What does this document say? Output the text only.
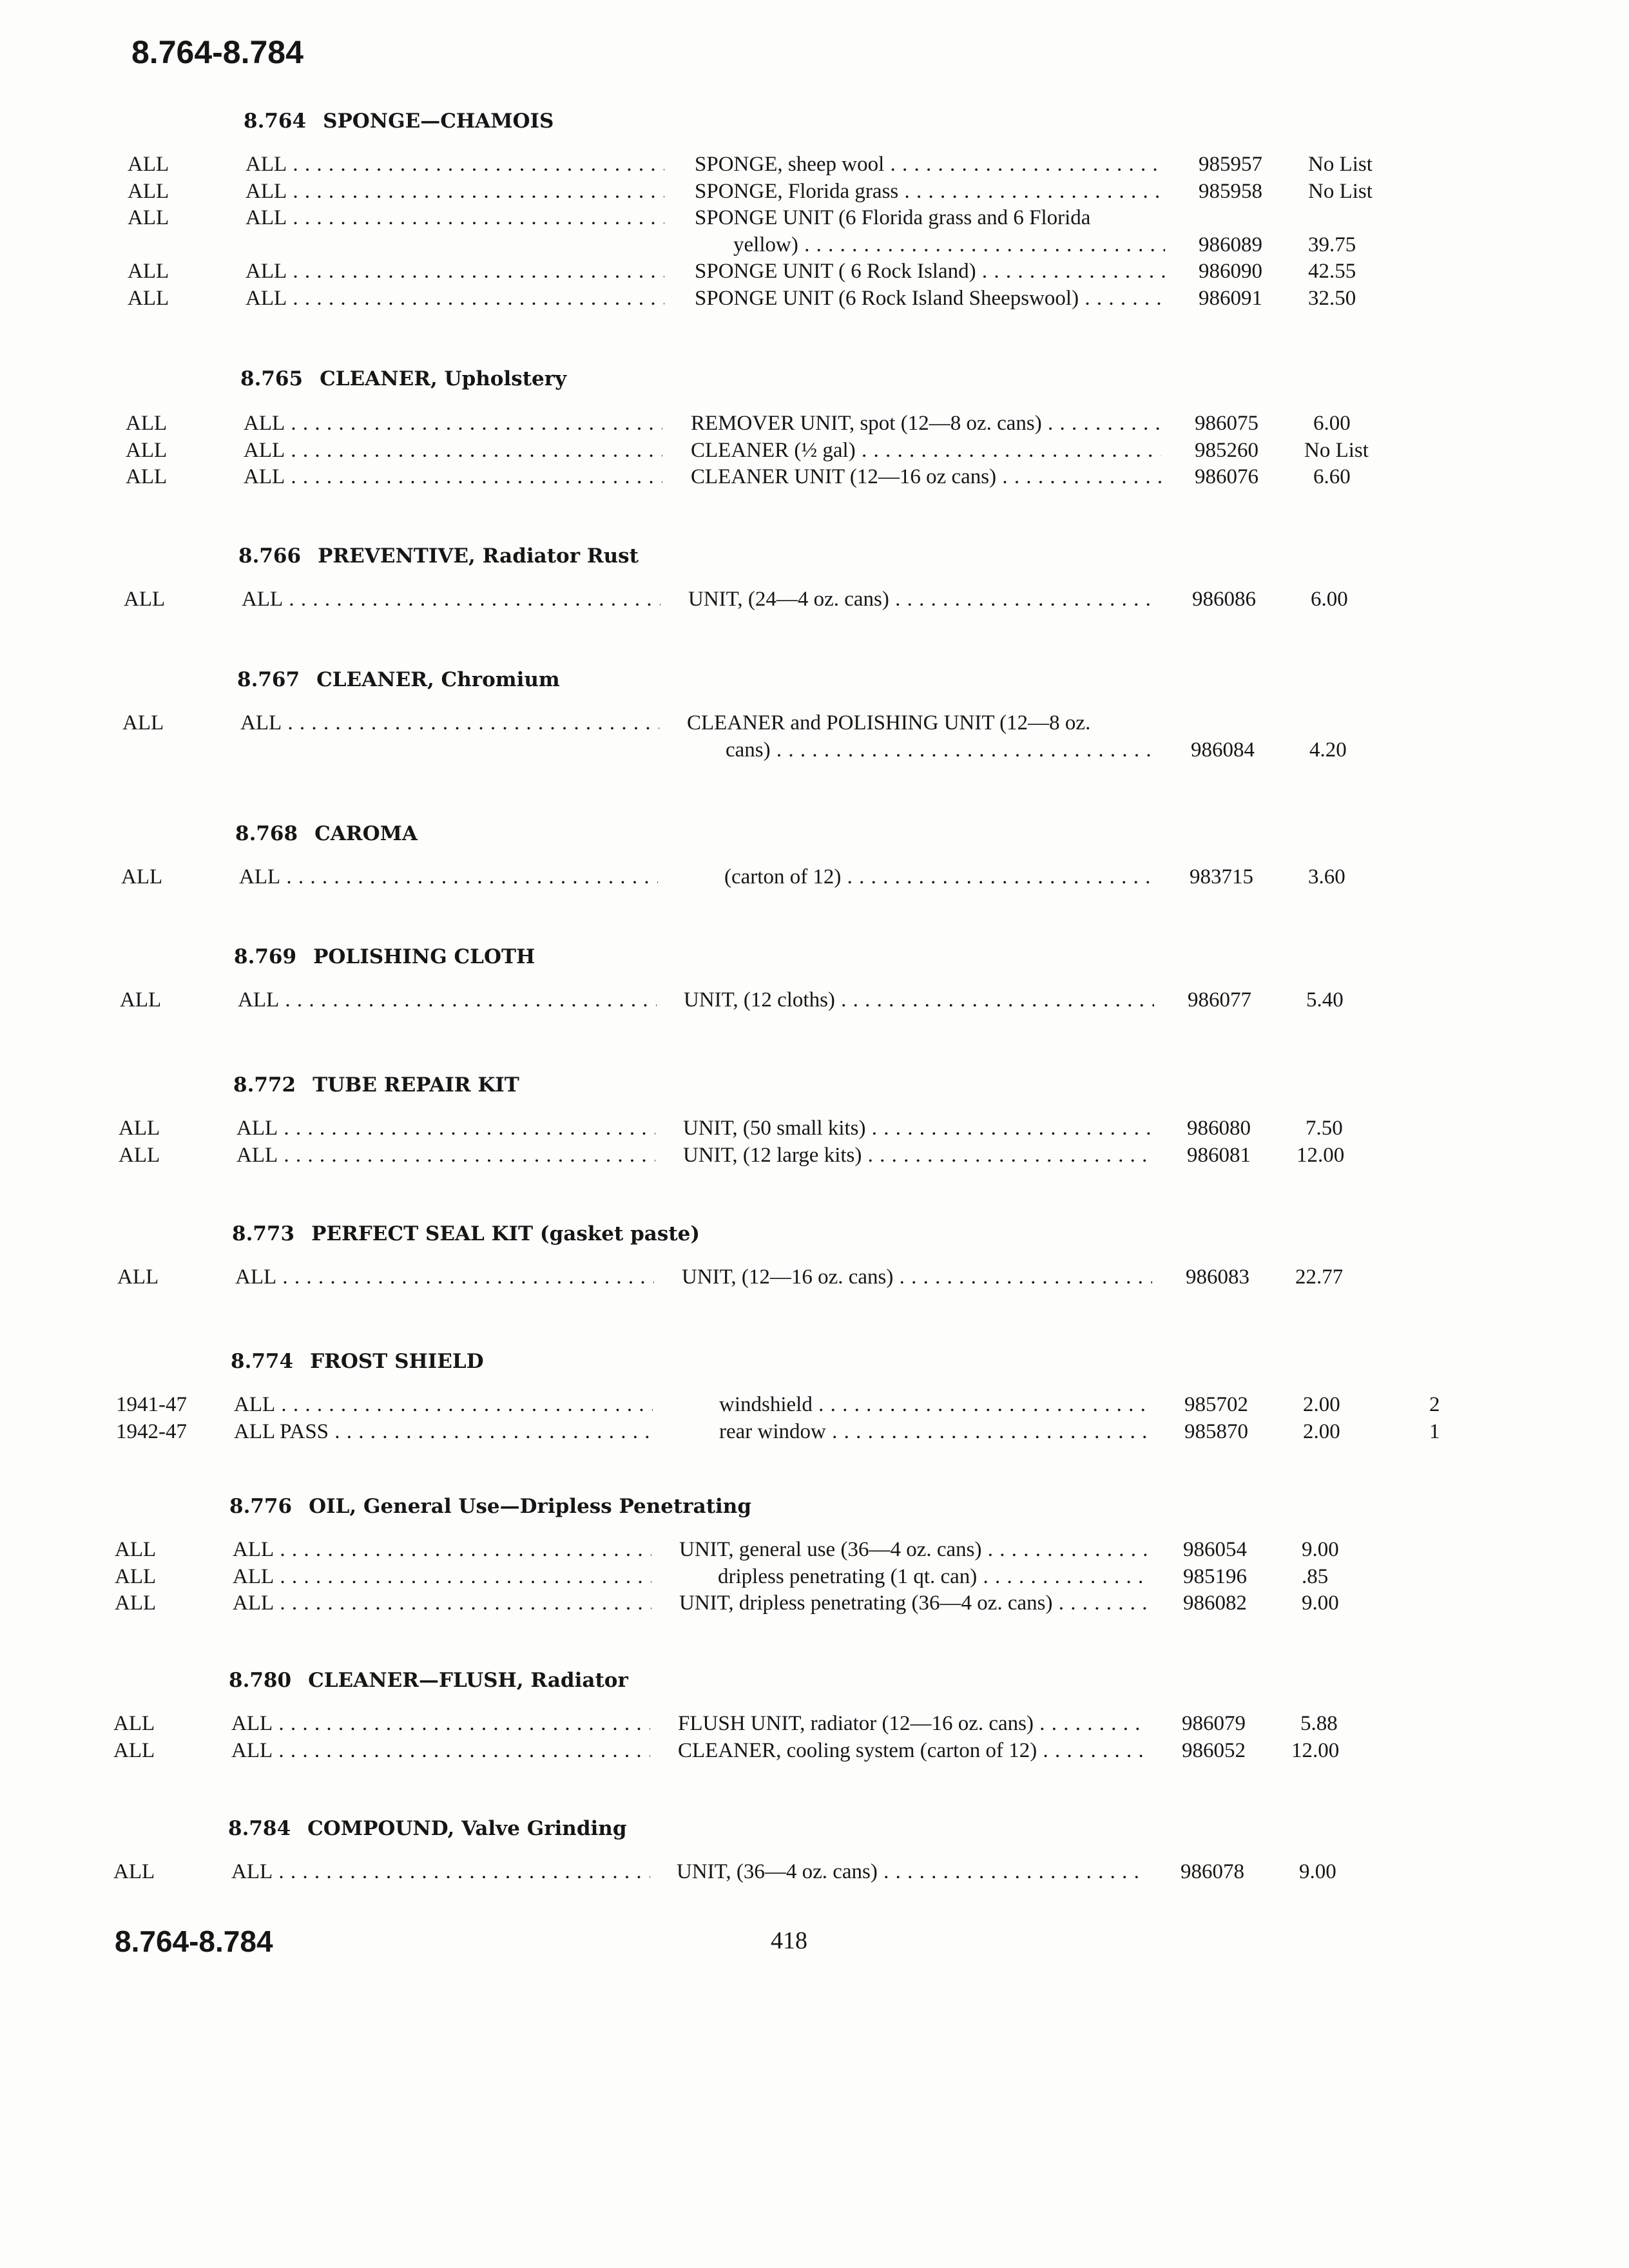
8.764-8.784
8.764 SPONGE—CHAMOIS
ALL	ALL . . .	SPONGE, sheep wool . . .	985957	No List
ALL	ALL . . .	SPONGE, Florida grass . . .	985958	No List
ALL	ALL . . .	SPONGE UNIT (6 Florida grass and 6 Florida
yellow) . . .	986089	39.75
ALL	ALL . . .	SPONGE UNIT ( 6 Rock Island) . . .	986090	42.55
ALL	ALL . . .	SPONGE UNIT (6 Rock Island Sheepswool) . . .	986091	32.50
8.765 CLEANER, Upholstery
ALL	ALL . . .	REMOVER UNIT, spot (12—8 oz. cans) . . .	986075	6.00
ALL	ALL . . .	CLEANER (½ gal) . . .	985260	No List
ALL	ALL . . .	CLEANER UNIT (12—16 oz cans) . . .	986076	6.60
8.766 PREVENTIVE, Radiator Rust
ALL	ALL . . .	UNIT, (24—4 oz. cans) . . .	986086	6.00
8.767 CLEANER, Chromium
ALL	ALL . . .	CLEANER and POLISHING UNIT (12—8 oz.
cans) . . .	986084	4.20
8.768 CAROMA
ALL	ALL . . .	(carton of 12) . . .	983715	3.60
8.769 POLISHING CLOTH
ALL	ALL . . .	UNIT, (12 cloths) . . .	986077	5.40
8.772 TUBE REPAIR KIT
ALL	ALL . . .	UNIT, (50 small kits) . . .	986080	7.50
ALL	ALL . . .	UNIT, (12 large kits) . . .	986081	12.00
8.773 PERFECT SEAL KIT (gasket paste)
ALL	ALL . . .	UNIT, (12—16 oz. cans) . . .	986083	22.77
8.774 FROST SHIELD
1941-47	ALL . . .	windshield . . .	985702	2.00	2
1942-47	ALL PASS . . .	rear window . . .	985870	2.00	1
8.776 OIL, General Use—Dripless Penetrating
ALL	ALL . . .	UNIT, general use (36—4 oz. cans) . . .	986054	9.00
ALL	ALL . . .	dripless penetrating (1 qt. can) . . .	985196	.85
ALL	ALL . . .	UNIT, dripless penetrating (36—4 oz. cans) . . .	986082	9.00
8.780 CLEANER—FLUSH, Radiator
ALL	ALL . . .	FLUSH UNIT, radiator (12—16 oz. cans) . . .	986079	5.88
ALL	ALL . . .	CLEANER, cooling system (carton of 12) . . .	986052	12.00
8.784 COMPOUND, Valve Grinding
ALL	ALL . . .	UNIT, (36—4 oz. cans) . . .	986078	9.00
8.764-8.784	418
